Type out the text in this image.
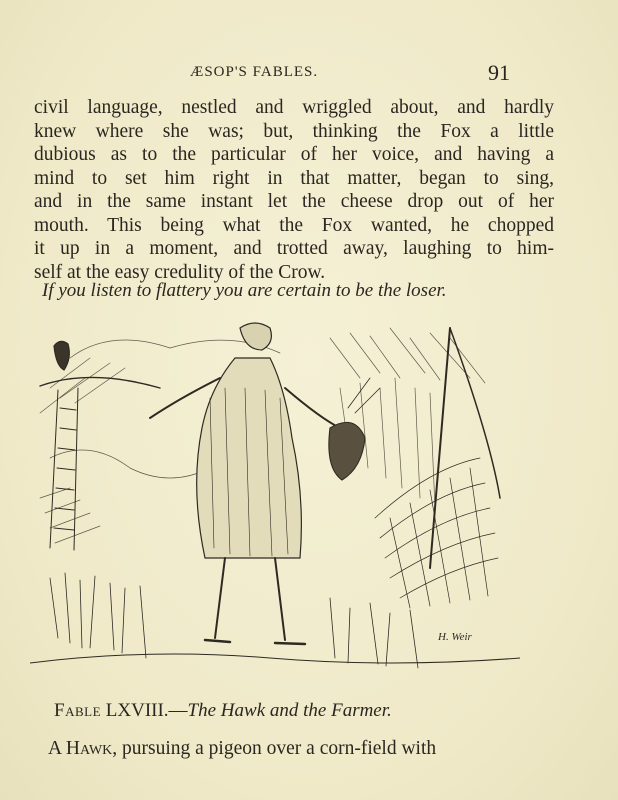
ÆSOP'S FABLES.	91
civil language, nestled and wriggled about, and hardly
knew where she was; but, thinking the Fox a little
dubious as to the particular of her voice, and having a
mind to set him right in that matter, began to sing,
and in the same instant let the cheese drop out of her
mouth. This being what the Fox wanted, he chopped
it up in a moment, and trotted away, laughing to him-
self at the easy credulity of the Crow.
If you listen to flattery you are certain to be the loser.
H. Weir
Fable LXVIII.—The Hawk and the Farmer.
A Hawk, pursuing a pigeon over a corn-field with
